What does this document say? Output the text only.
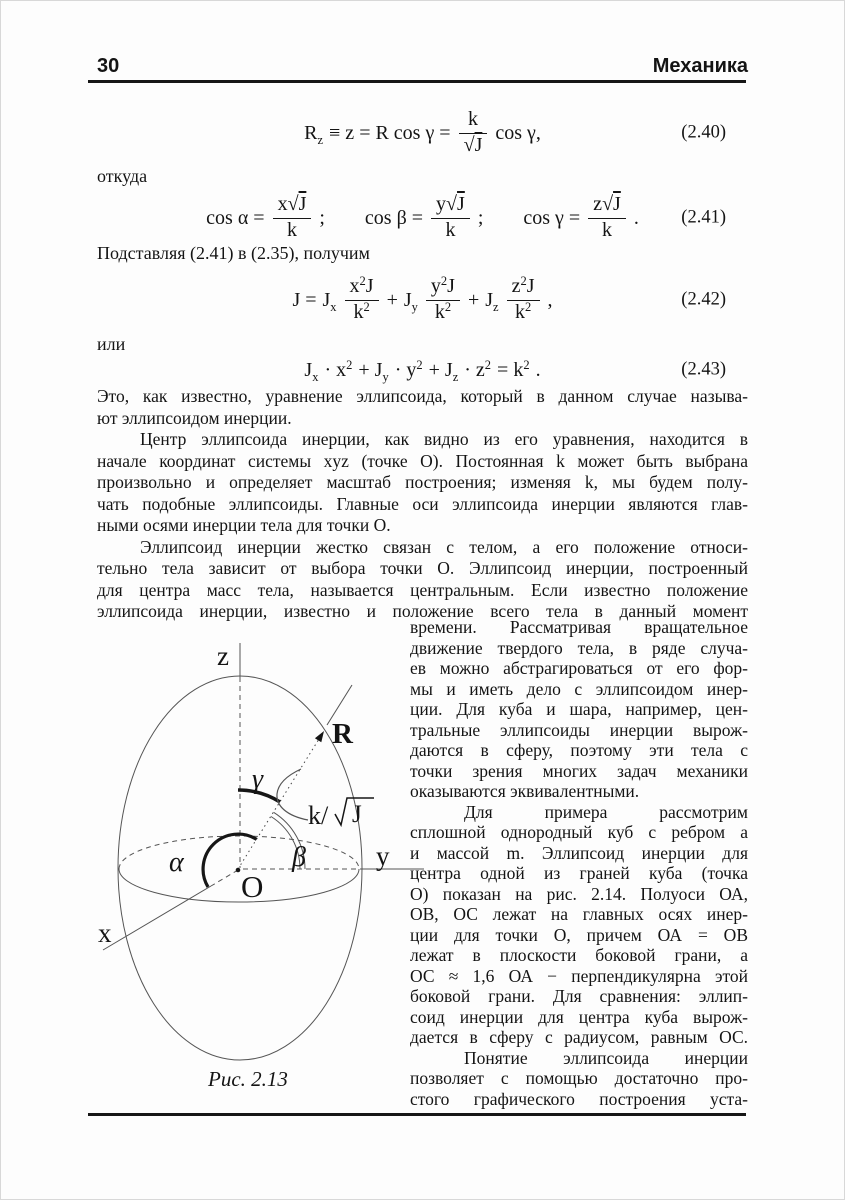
30	Механика
$R_z \equiv z = R$ $\cos \gamma = \frac{k}{√J}$ cos γ,	(2.40)
откуда
$\cos \alpha = \frac{x√J}{k}$ ; $\cos \beta = \frac{y√J}{k}$ ; $\cos \gamma = \frac{z√J}{k}$ . (2.41)
Подставляя (2.41) в (2.35), получим
$J = J_x \frac{x^2J}{k^2} + J_y \frac{y^2J}{k^2} + J_z \frac{z^2J}{k^2}$ ,	(2.42)
или
$J_x \cdot x^2 + J_y \cdot y^2 + J_z \cdot z^2 = k^2$ .	(2.43)
Это, как известно, уравнение эллипсоида, который в данном случае называ-
ют эллипсоидом инерции.
Центр эллипсоида инерции, как видно из его уравнения, находится в
начале координат системы xyz (точке О). Постоянная k может быть выбрана
произвольно и определяет масштаб построения; изменяя k, мы будем полу-
чать подобные эллипсоиды. Главные оси эллипсоида инерции являются глав-
ными осями инерции тела для точки О.
Эллипсоид инерции жестко связан с телом, а его положение относи-
тельно тела зависит от выбора точки О. Эллипсоид инерции, построенный
для центра масс тела, называется центральным. Если известно положение
эллипсоида инерции, известно и положение всего тела в данный момент
времени. Рассматривая вращательное
движение твердого тела, в ряде случа-
ев можно абстрагироваться от его фор-
мы и иметь дело с эллипсоидом инер-
ции. Для куба и шара, например, цен-
тральные эллипсоиды инерции вырож-
даются в сферу, поэтому эти тела с
точки зрения многих задач механики
оказываются эквивалентными.
Для примера рассмотрим
сплошной однородный куб с ребром a
и массой m. Эллипсоид инерции для
центра одной из граней куба (точка
О) показан на рис. 2.14. Полуоси ОА,
ОВ, ОС лежат на главных осях инер-
ции для точки О, причем ОА = ОВ
лежат в плоскости боковой грани, а
ОС ≈ 1,6 ОА − перпендикулярна этой
боковой грани. Для сравнения: эллип-
соид инерции для центра куба вырож-
дается в сферу с радиусом, равным ОС.
Понятие эллипсоида инерции
позволяет с помощью достаточно про-
стого графического построения уста-
z
y
x
O
R
γ
β
α
k/ J
Рис. 2.13
